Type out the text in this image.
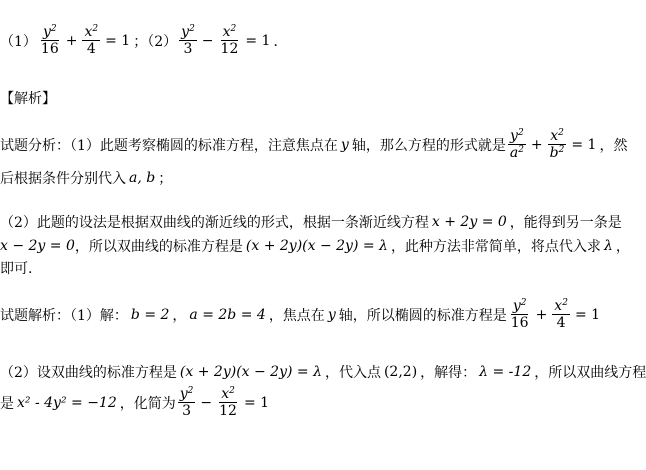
$(1) \frac{y^2}{16} + \frac{x^2}{4} = 1$ ；$(2) \frac{y^2}{3} - \frac{x^2}{12} = 1$ ．
【解析】
试题分析：（1）此题考察椭圆的标准方程，注意焦点在 y 轴，那么方程的形式就是 $\frac{y^2}{a^2} + \frac{x^2}{b^2} = 1$ ，然
后根据条件分别代入 a, b ；
（2）此题的设法是根据双曲线的渐近线的形式，根据一条渐近线方程 x + 2y = 0 ，能得到另一条是
x − 2y = 0 ，所以双曲线的标准方程是 (x + 2y)(x − 2y) = λ ，此种方法非常简单，将点代入求 λ ，
即可.
试题解析：（1）解： b = 2 ， a = 2b = 4 ，焦点在 y 轴，所以椭圆的标准方程是 $\frac{y^2}{16} + \frac{x^2}{4} = 1$
（2）设双曲线的标准方程是 (x + 2y)(x − 2y) = λ ，代入点 (2,2) ，解得： λ = -12 ，所以双曲线方程
是 x² - 4y² = −12 ，化简为 $\frac{y^2}{3} - \frac{x^2}{12} = 1$
